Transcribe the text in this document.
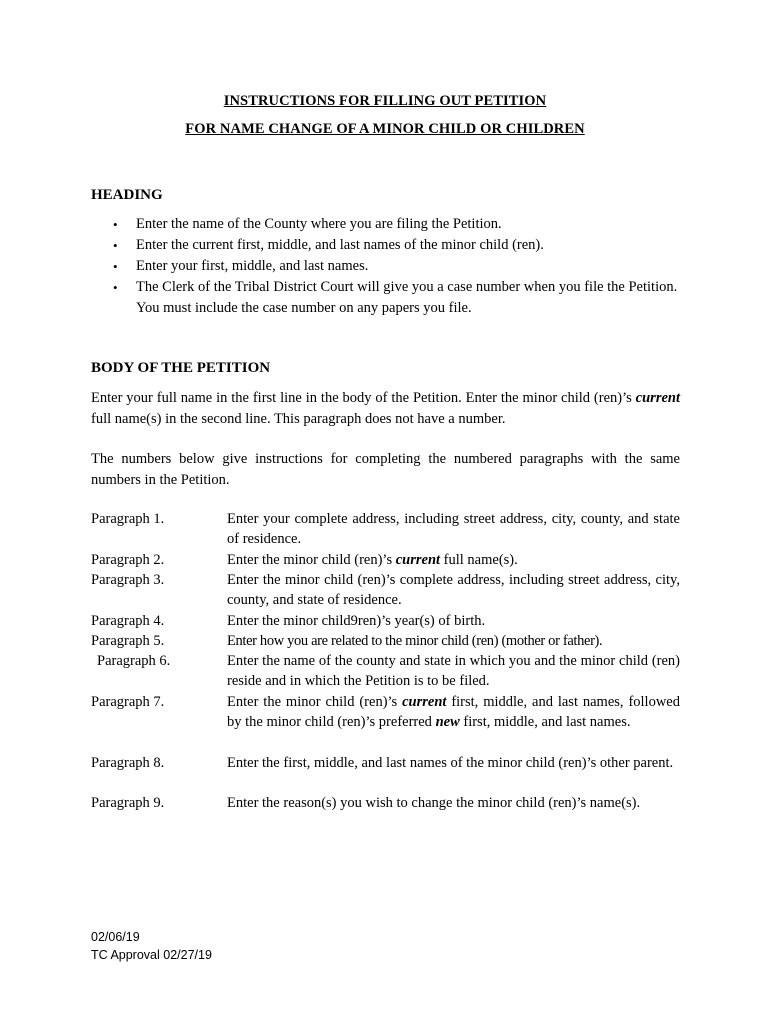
INSTRUCTIONS FOR FILLING OUT PETITION
FOR NAME CHANGE OF A MINOR CHILD OR CHILDREN
HEADING
• Enter the name of the County where you are filing the Petition.
• Enter the current first, middle, and last names of the minor child (ren).
• Enter your first, middle, and last names.
• The Clerk of the Tribal District Court will give you a case number when you file the Petition. You must include the case number on any papers you file.
BODY OF THE PETITION

Enter your full name in the first line in the body of the Petition. Enter the minor child (ren)’s current full name(s) in the second line. This paragraph does not have a number.

The numbers below give instructions for completing the numbered paragraphs with the same numbers in the Petition.

Paragraph 1.	Enter your complete address, including street address, city, county, and state of residence.
Paragraph 2.	Enter the minor child (ren)’s current full name(s).
Paragraph 3.	Enter the minor child (ren)’s complete address, including street address, city, county, and state of residence.
Paragraph 4.	Enter the minor child9ren)’s year(s) of birth.
Paragraph 5.	Enter how you are related to the minor child (ren) (mother or father).
Paragraph 6.	Enter the name of the county and state in which you and the minor child (ren) reside and in which the Petition is to be filed.
Paragraph 7.	Enter the minor child (ren)’s current first, middle, and last names, followed by the minor child (ren)’s preferred new first, middle, and last names.
Paragraph 8.	Enter the first, middle, and last names of the minor child (ren)’s other parent.
Paragraph 9.	Enter the reason(s) you wish to change the minor child (ren)’s name(s).
02/06/19
TC Approval 02/27/19
